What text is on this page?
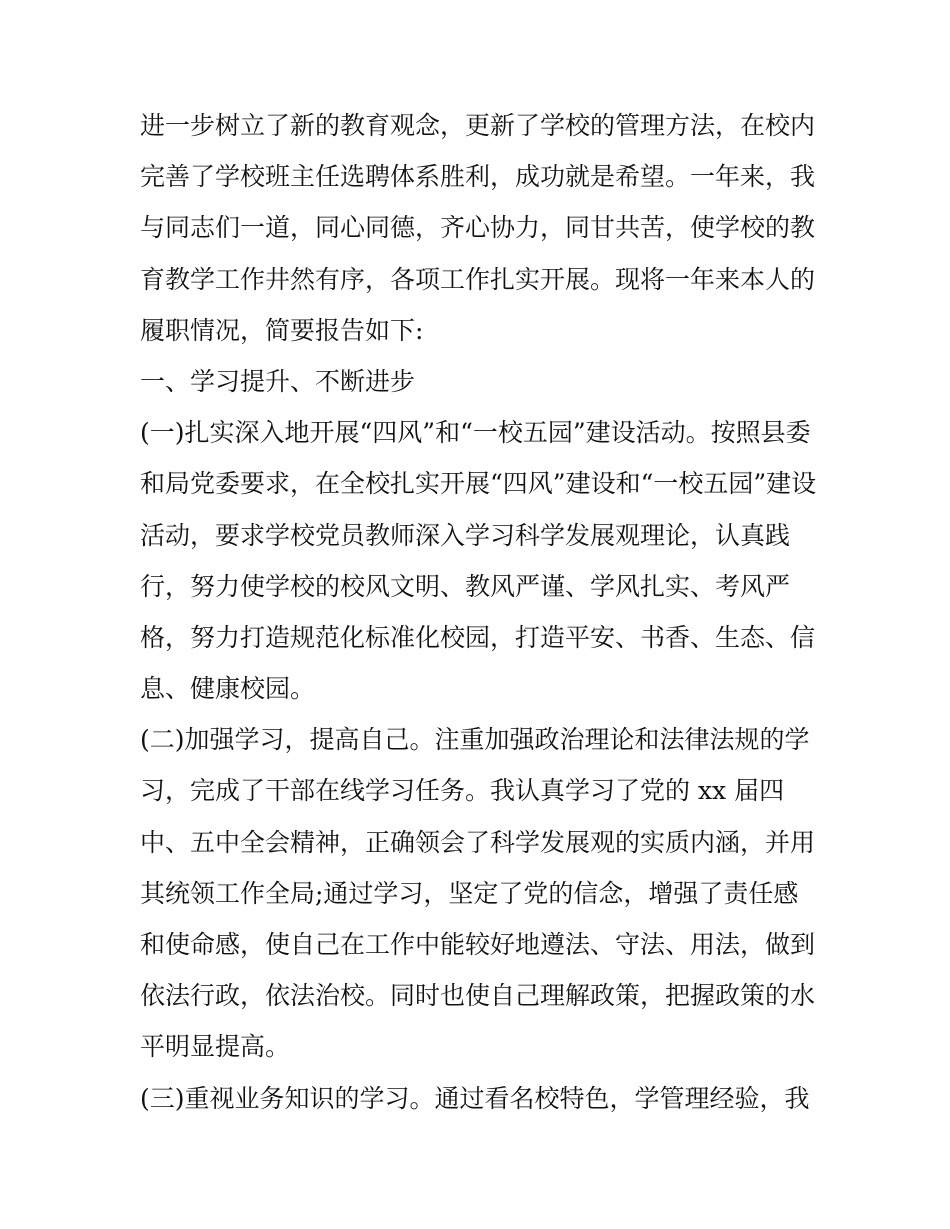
进一步树立了新的教育观念，更新了学校的管理方法，在校内
完善了学校班主任选聘体系胜利，成功就是希望。一年来，我
与同志们一道，同心同德，齐心协力，同甘共苦，使学校的教
育教学工作井然有序，各项工作扎实开展。现将一年来本人的
履职情况，简要报告如下:
一、学习提升、不断进步
(一)扎实深入地开展“四风”和“一校五园”建设活动。按照县委
和局党委要求，在全校扎实开展“四风”建设和“一校五园”建设
活动，要求学校党员教师深入学习科学发展观理论，认真践
行，努力使学校的校风文明、教风严谨、学风扎实、考风严
格，努力打造规范化标准化校园，打造平安、书香、生态、信
息、健康校园。
(二)加强学习，提高自己。注重加强政治理论和法律法规的学
习，完成了干部在线学习任务。我认真学习了党的 xx 届四
中、五中全会精神，正确领会了科学发展观的实质内涵，并用
其统领工作全局;通过学习，坚定了党的信念，增强了责任感
和使命感，使自己在工作中能较好地遵法、守法、用法，做到
依法行政，依法治校。同时也使自己理解政策，把握政策的水
平明显提高。
(三)重视业务知识的学习。通过看名校特色，学管理经验，我
